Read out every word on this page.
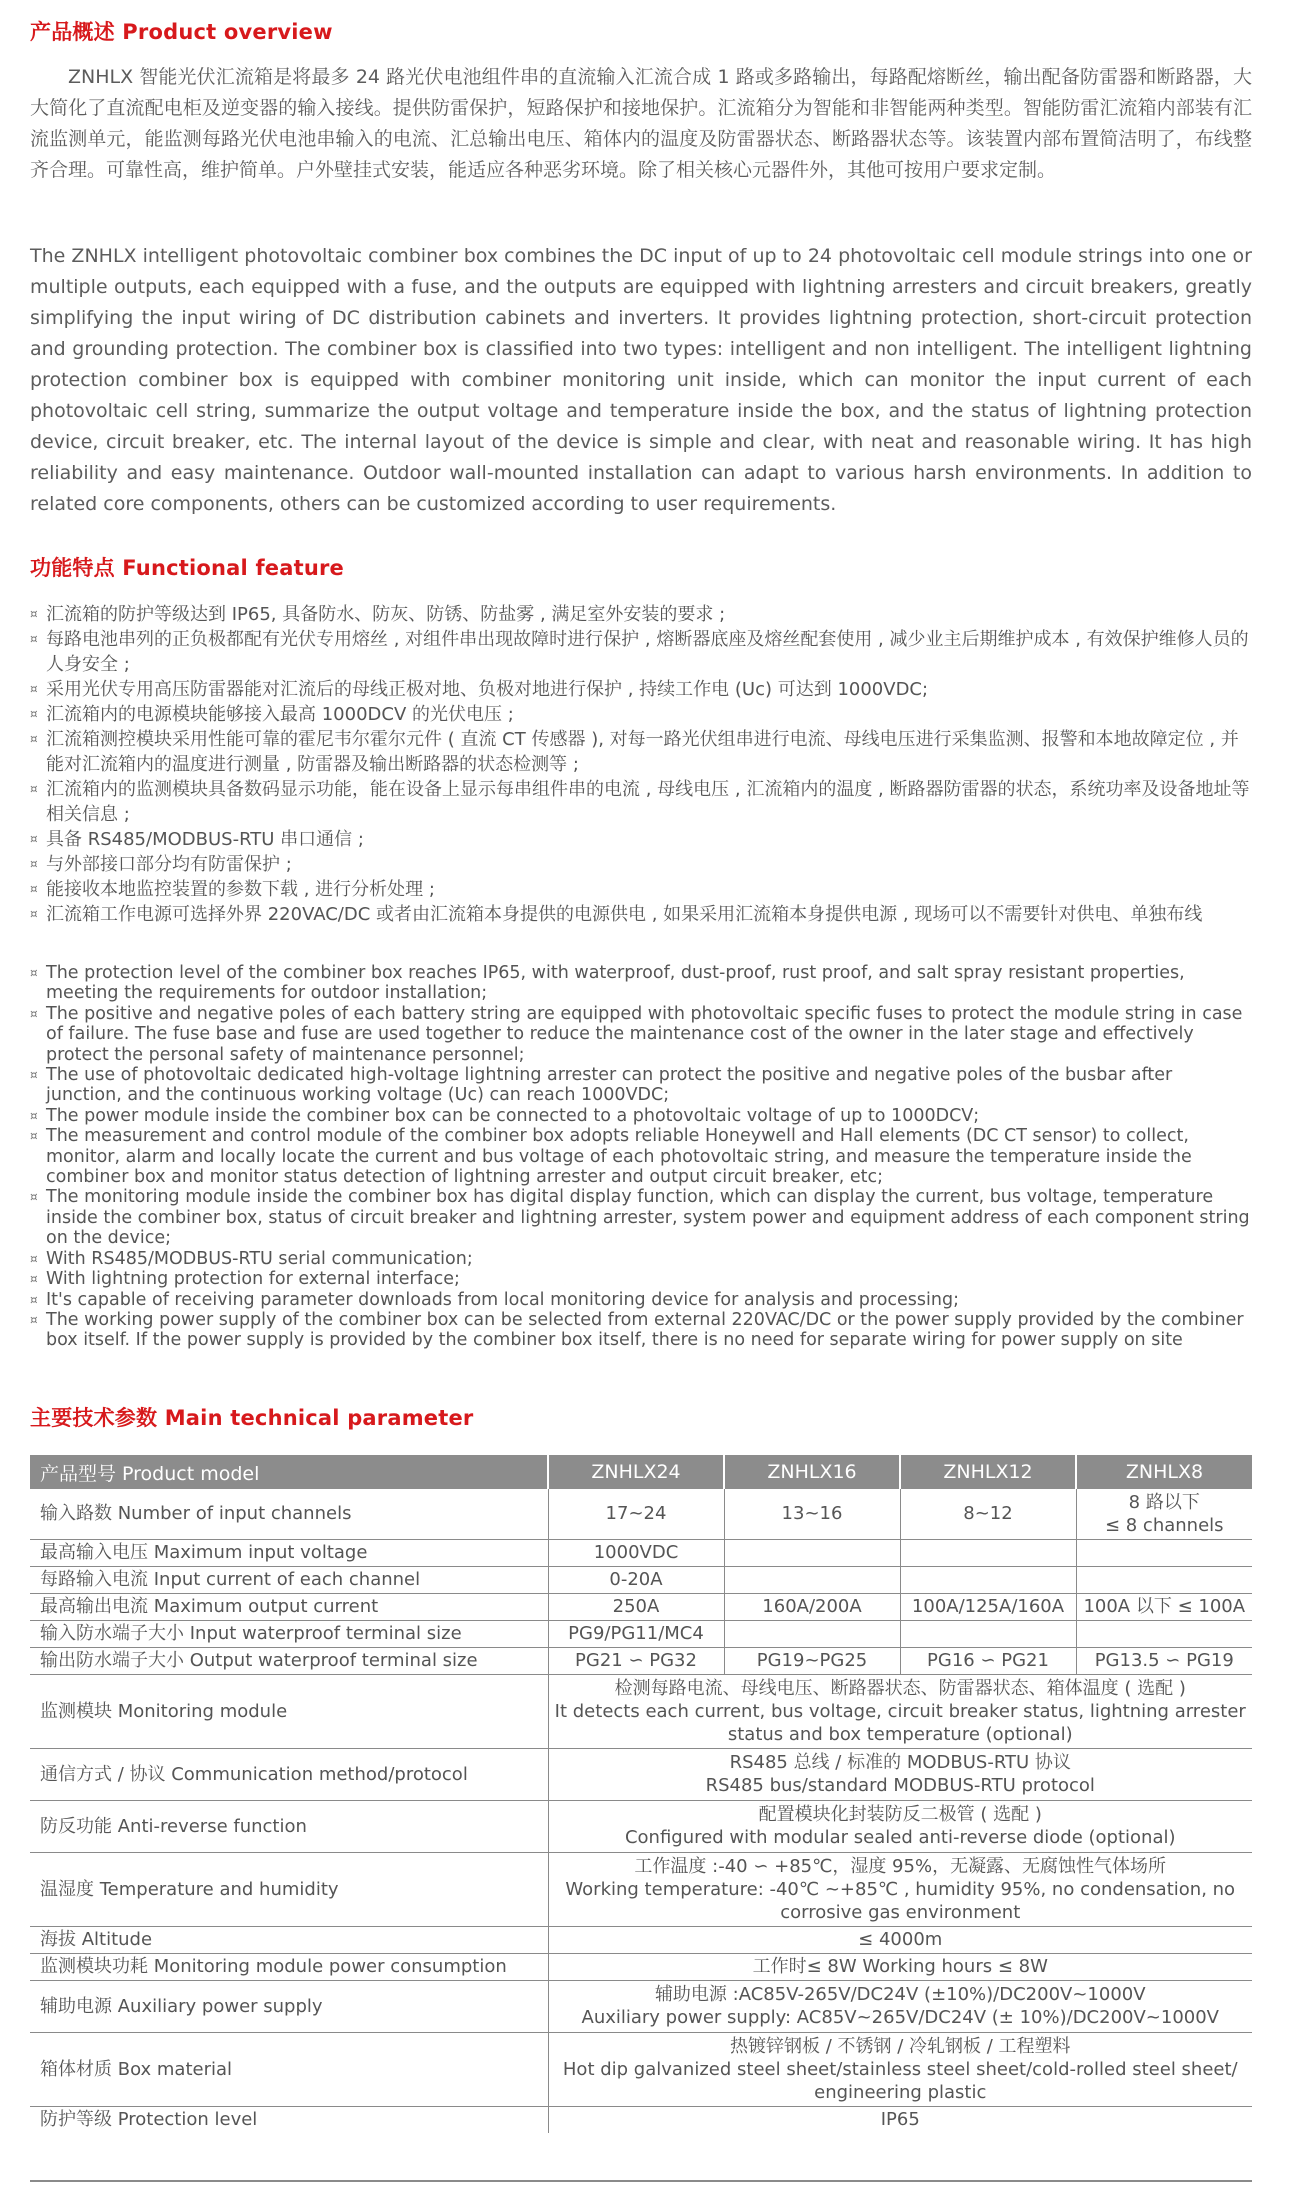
产品概述 Product overview
ZNHLX 智能光伏汇流箱是将最多 24 路光伏电池组件串的直流输入汇流合成 1 路或多路输出，每路配熔断丝，输出配备防雷器和断路器，大大简化了直流配电柜及逆变器的输入接线。提供防雷保护，短路保护和接地保护。汇流箱分为智能和非智能两种类型。智能防雷汇流箱内部装有汇流监测单元，能监测每路光伏电池串输入的电流、汇总输出电压、箱体内的温度及防雷器状态、断路器状态等。该装置内部布置简洁明了，布线整齐合理。可靠性高，维护简单。户外壁挂式安装，能适应各种恶劣环境。除了相关核心元器件外，其他可按用户要求定制。
The ZNHLX intelligent photovoltaic combiner box combines the DC input of up to 24 photovoltaic cell module strings into one or multiple outputs, each equipped with a fuse, and the outputs are equipped with lightning arresters and circuit breakers, greatly simplifying the input wiring of DC distribution cabinets and inverters. It provides lightning protection, short-circuit protection and grounding protection. The combiner box is classified into two types: intelligent and non intelligent. The intelligent lightning protection combiner box is equipped with combiner monitoring unit inside, which can monitor the input current of each photovoltaic cell string, summarize the output voltage and temperature inside the box, and the status of lightning protection device, circuit breaker, etc. The internal layout of the device is simple and clear, with neat and reasonable wiring. It has high reliability and easy maintenance. Outdoor wall-mounted installation can adapt to various harsh environments. In addition to related core components, others can be customized according to user requirements.
功能特点 Functional feature
¤ 汇流箱的防护等级达到 IP65, 具备防水、防灰、防锈、防盐雾 , 满足室外安装的要求 ;
¤ 每路电池串列的正负极都配有光伏专用熔丝 , 对组件串出现故障时进行保护 , 熔断器底座及熔丝配套使用 , 减少业主后期维护成本 , 有效保护维修人员的人身安全 ;
¤ 采用光伏专用高压防雷器能对汇流后的母线正极对地、负极对地进行保护 , 持续工作电 (Uc) 可达到 1000VDC;
¤ 汇流箱内的电源模块能够接入最高 1000DCV 的光伏电压 ;
¤ 汇流箱测控模块采用性能可靠的霍尼韦尔霍尔元件 ( 直流 CT 传感器 ), 对每一路光伏组串进行电流、母线电压进行采集监测、报警和本地故障定位 , 并能对汇流箱内的温度进行测量 , 防雷器及输出断路器的状态检测等 ;
¤ 汇流箱内的监测模块具备数码显示功能，能在设备上显示每串组件串的电流 , 母线电压 , 汇流箱内的温度 , 断路器防雷器的状态，系统功率及设备地址等相关信息 ;
¤ 具备 RS485/MODBUS-RTU 串口通信 ;
¤ 与外部接口部分均有防雷保护 ;
¤ 能接收本地监控装置的参数下载 , 进行分析处理 ;
¤ 汇流箱工作电源可选择外界 220VAC/DC 或者由汇流箱本身提供的电源供电 , 如果采用汇流箱本身提供电源 , 现场可以不需要针对供电、单独布线
¤ The protection level of the combiner box reaches IP65, with waterproof, dust-proof, rust proof, and salt spray resistant properties, meeting the requirements for outdoor installation;
¤ The positive and negative poles of each battery string are equipped with photovoltaic specific fuses to protect the module string in case of failure. The fuse base and fuse are used together to reduce the maintenance cost of the owner in the later stage and effectively protect the personal safety of maintenance personnel;
¤ The use of photovoltaic dedicated high-voltage lightning arrester can protect the positive and negative poles of the busbar after junction, and the continuous working voltage (Uc) can reach 1000VDC;
¤ The power module inside the combiner box can be connected to a photovoltaic voltage of up to 1000DCV;
¤ The measurement and control module of the combiner box adopts reliable Honeywell and Hall elements (DC CT sensor) to collect, monitor, alarm and locally locate the current and bus voltage of each photovoltaic string, and measure the temperature inside the combiner box and monitor status detection of lightning arrester and output circuit breaker, etc;
¤ The monitoring module inside the combiner box has digital display function, which can display the current, bus voltage, temperature inside the combiner box, status of circuit breaker and lightning arrester, system power and equipment address of each component string on the device;
¤ With RS485/MODBUS-RTU serial communication;
¤ With lightning protection for external interface;
¤ It's capable of receiving parameter downloads from local monitoring device for analysis and processing;
¤ The working power supply of the combiner box can be selected from external 220VAC/DC or the power supply provided by the combiner box itself. If the power supply is provided by the combiner box itself, there is no need for separate wiring for power supply on site
主要技术参数 Main technical parameter
产品型号 Product model	ZNHLX24	ZNHLX16	ZNHLX12	ZNHLX8
输入路数 Number of input channels	17~24	13~16	8~12	8 路以下
≤ 8 channels

最高输入电压 Maximum input voltage	1000VDC			
每路输入电流 Input current of each channel	0-20A			
最高输出电流 Maximum output current	250A	160A/200A	100A/125A/160A	100A 以下 ≤ 100A
输入防水端子大小 Input waterproof terminal size	PG9/PG11/MC4			
输出防水端子大小 Output waterproof terminal size	PG21 ∽ PG32	PG19~PG25	PG16 ∽ PG21	PG13.5 ∽ PG19
监测模块 Monitoring module	检测每路电流、母线电压、断路器状态、防雷器状态、箱体温度 ( 选配 )
It detects each current, bus voltage, circuit breaker status, lightning arrester
status and box temperature (optional)			

通信方式 / 协议 Communication method/protocol	RS485 总线 / 标准的 MODBUS-RTU 协议
RS485 bus/standard MODBUS-RTU protocol			

防反功能 Anti-reverse function	配置模块化封装防反二极管 ( 选配 )
Configured with modular sealed anti-reverse diode (optional)			

温湿度 Temperature and humidity	工作温度 :-40 ∽ +85℃，湿度 95%，无凝露、无腐蚀性气体场所
Working temperature: -40℃ ~+85℃ , humidity 95%, no condensation, no
corrosive gas environment			

海拔 Altitude	≤ 4000m			
监测模块功耗 Monitoring module power consumption	工作时≤ 8W Working hours ≤ 8W			
辅助电源 Auxiliary power supply	辅助电源 :AC85V-265V/DC24V (±10%)/DC200V~1000V
Auxiliary power supply: AC85V~265V/DC24V (± 10%)/DC200V~1000V			

箱体材质 Box material	热镀锌钢板 / 不锈钢 / 冷轧钢板 / 工程塑料
Hot dip galvanized steel sheet/stainless steel sheet/cold-rolled steel sheet/
engineering plastic			

防护等级 Protection level	IP65			
